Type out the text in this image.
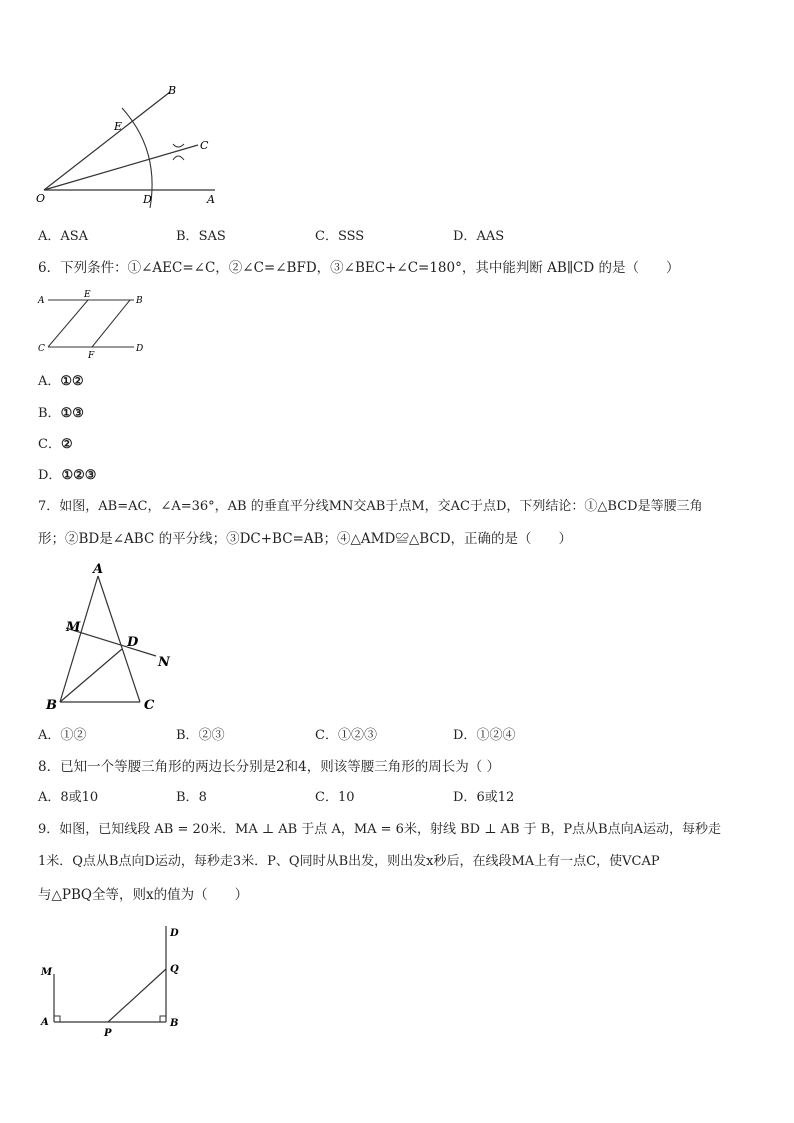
B
E
C
O	D	A
A．ASA	B．SAS	C．SSS	D．AAS
6．下列条件：①∠AEC=∠C，②∠C=∠BFD，③∠BEC+∠C=180°，其中能判断 AB∥CD 的是（　　）
A
E
B
C
F
D
A．①②
B．①③
C．②
D．①②③
7．如图，AB=AC，∠A=36°，AB 的垂直平分线MN交AB于点M，交AC于点D，下列结论：①△BCD是等腰三角
形；②BD是∠ABC 的平分线；③DC+BC=AB；④△AMD≌△BCD，正确的是（　　）
A
M
D
N
B	C
A．①②	B．②③	C．①②③	D．①②④
8．已知一个等腰三角形的两边长分别是2和4，则该等腰三角形的周长为（ ）
A．8或10	B．8	C．10	D．6或12
9．如图，已知线段 AB = 20米．MA ⊥ AB 于点 A，MA = 6米，射线 BD ⊥ AB 于 B，P点从B点向A运动，每秒走
1米．Q点从B点向D运动，每秒走3米．P、Q同时从B出发，则出发x秒后，在线段MA上有一点C，使VCAP
与△PBQ全等，则x的值为（　　）
D
M	Q
A
P
B
